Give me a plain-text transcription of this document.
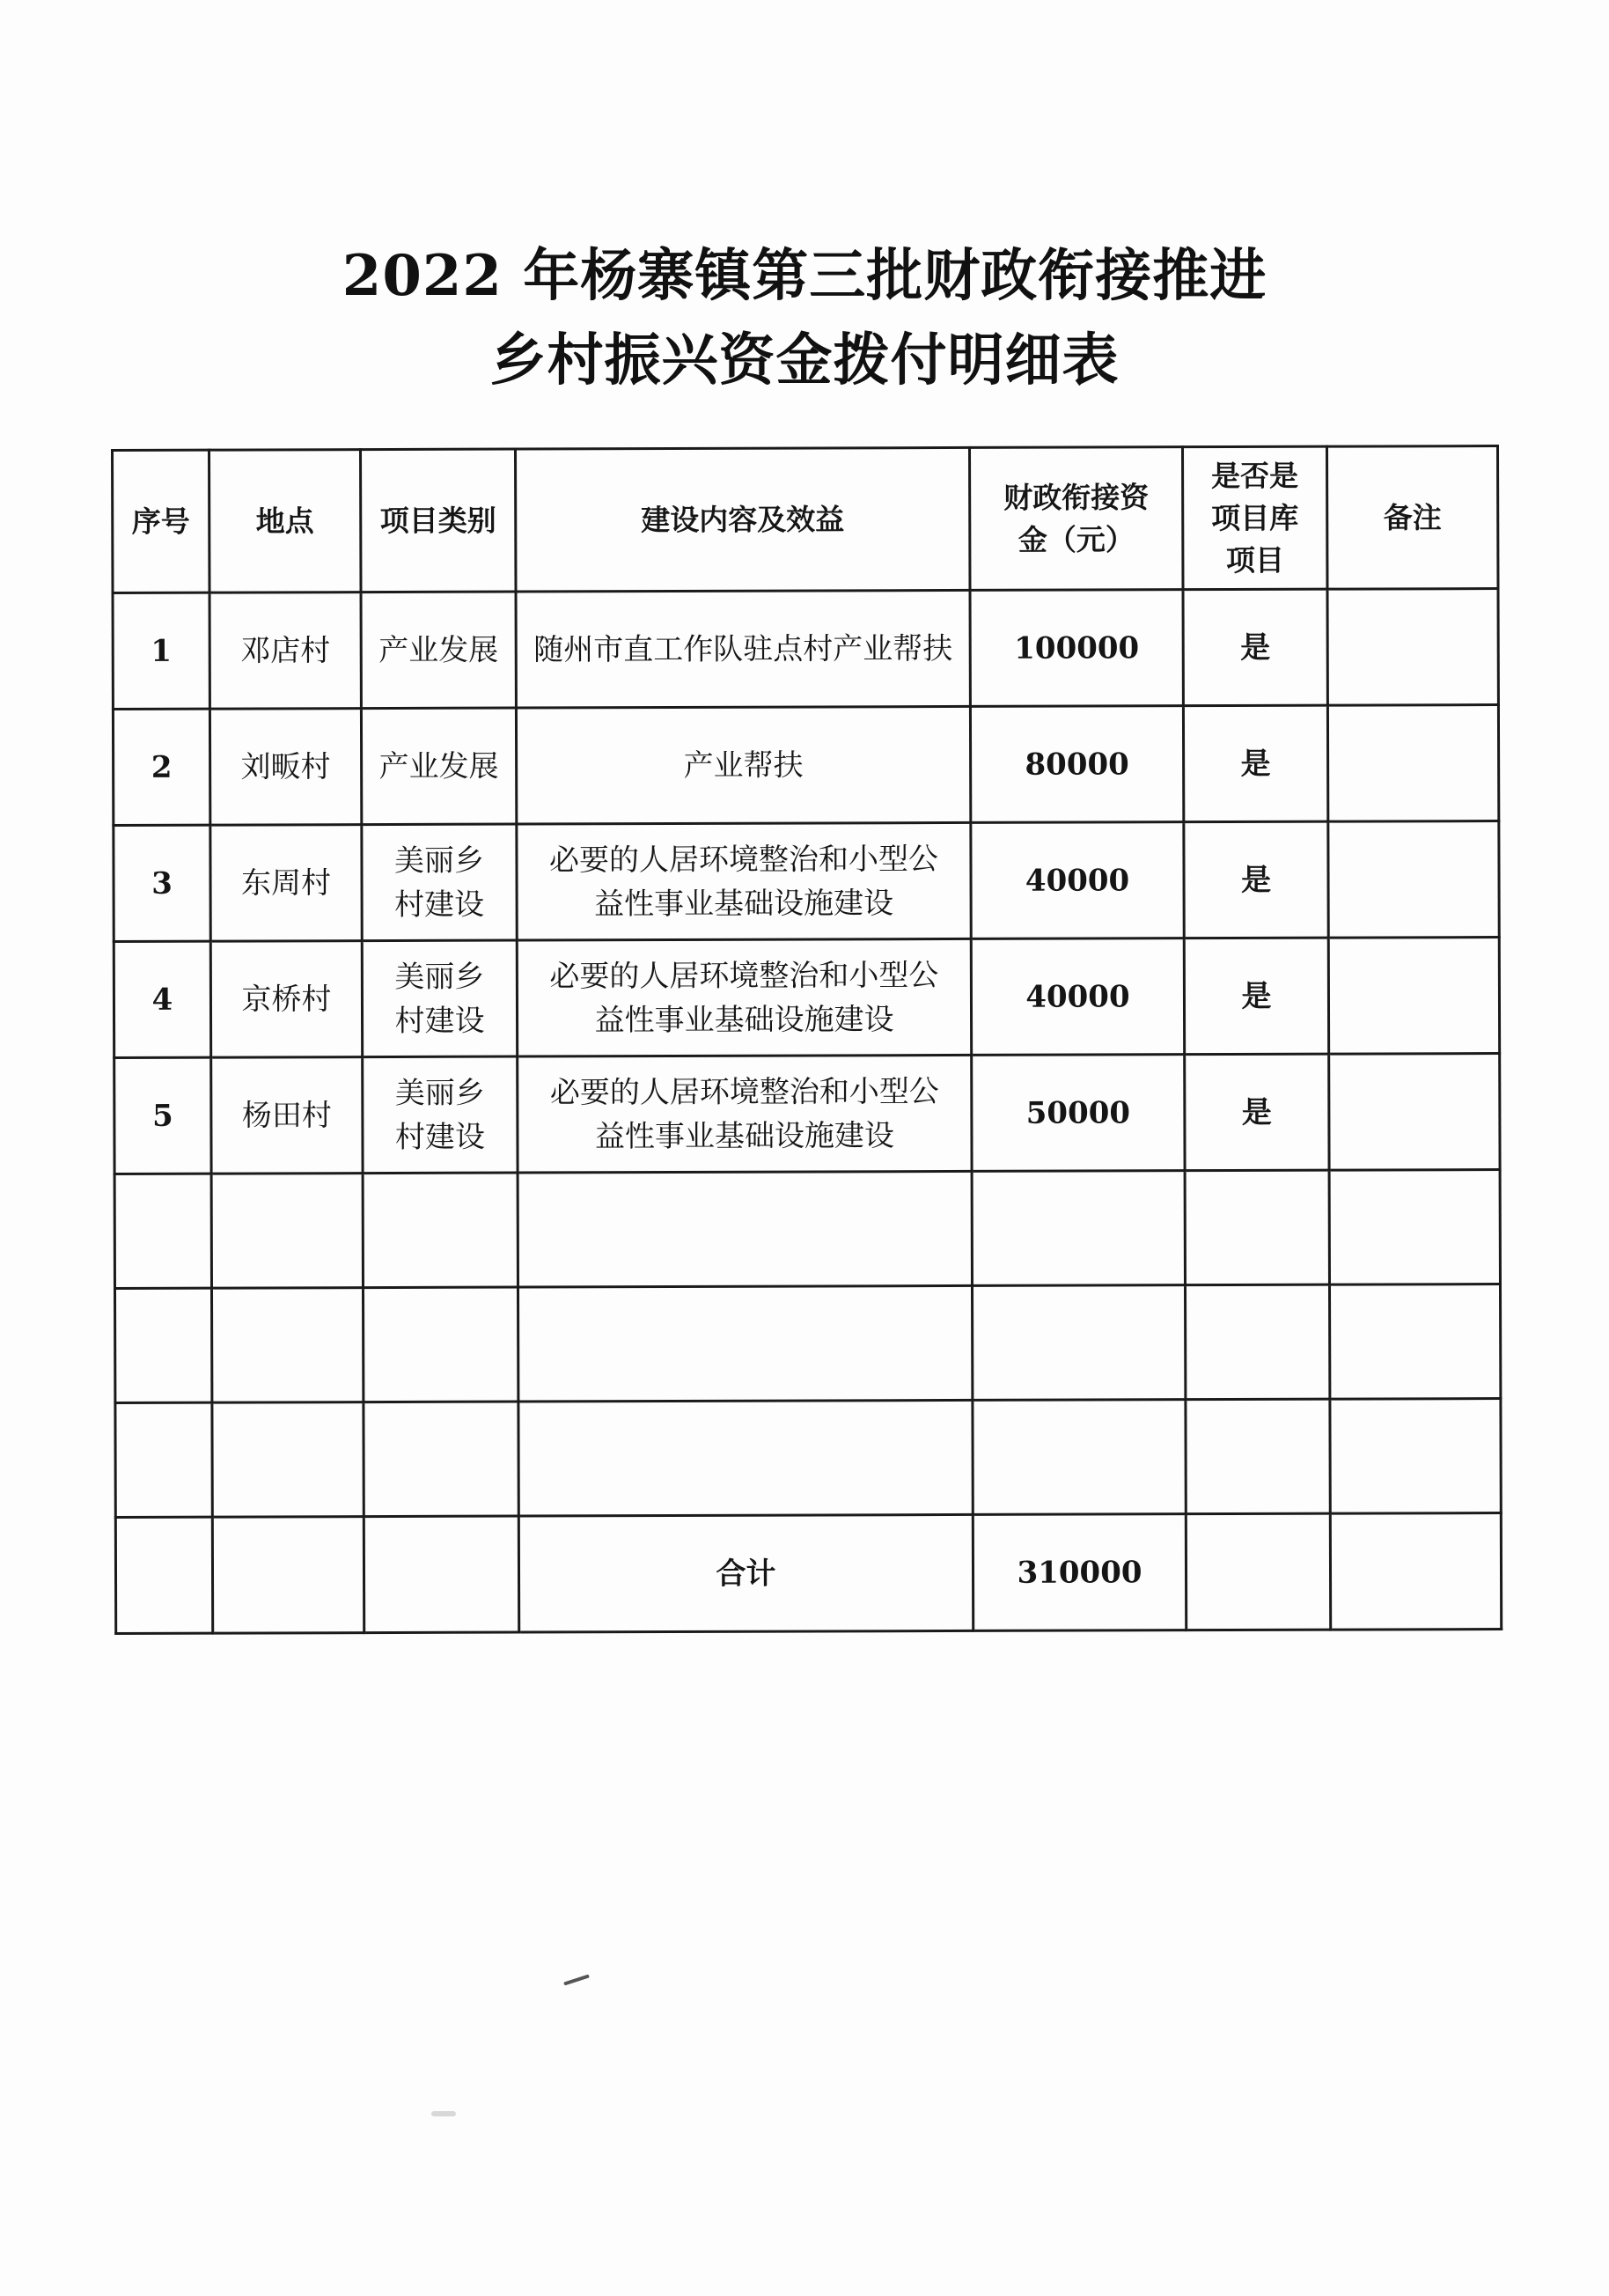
2022 年杨寨镇第三批财政衔接推进
乡村振兴资金拨付明细表
序号	地点	项目类别	建设内容及效益	财政衔接资金（元）	是否是项目库项目	备注
1	邓店村	产业发展	随州市直工作队驻点村产业帮扶	100000	是	
2	刘畈村	产业发展	产业帮扶	80000	是	
3	东周村	美丽乡村建设	必要的人居环境整治和小型公益性事业基础设施建设	40000	是	
4	京桥村	美丽乡村建设	必要的人居环境整治和小型公益性事业基础设施建设	40000	是	
5	杨田村	美丽乡村建设	必要的人居环境整治和小型公益性事业基础设施建设	50000	是	

			合计	310000		
